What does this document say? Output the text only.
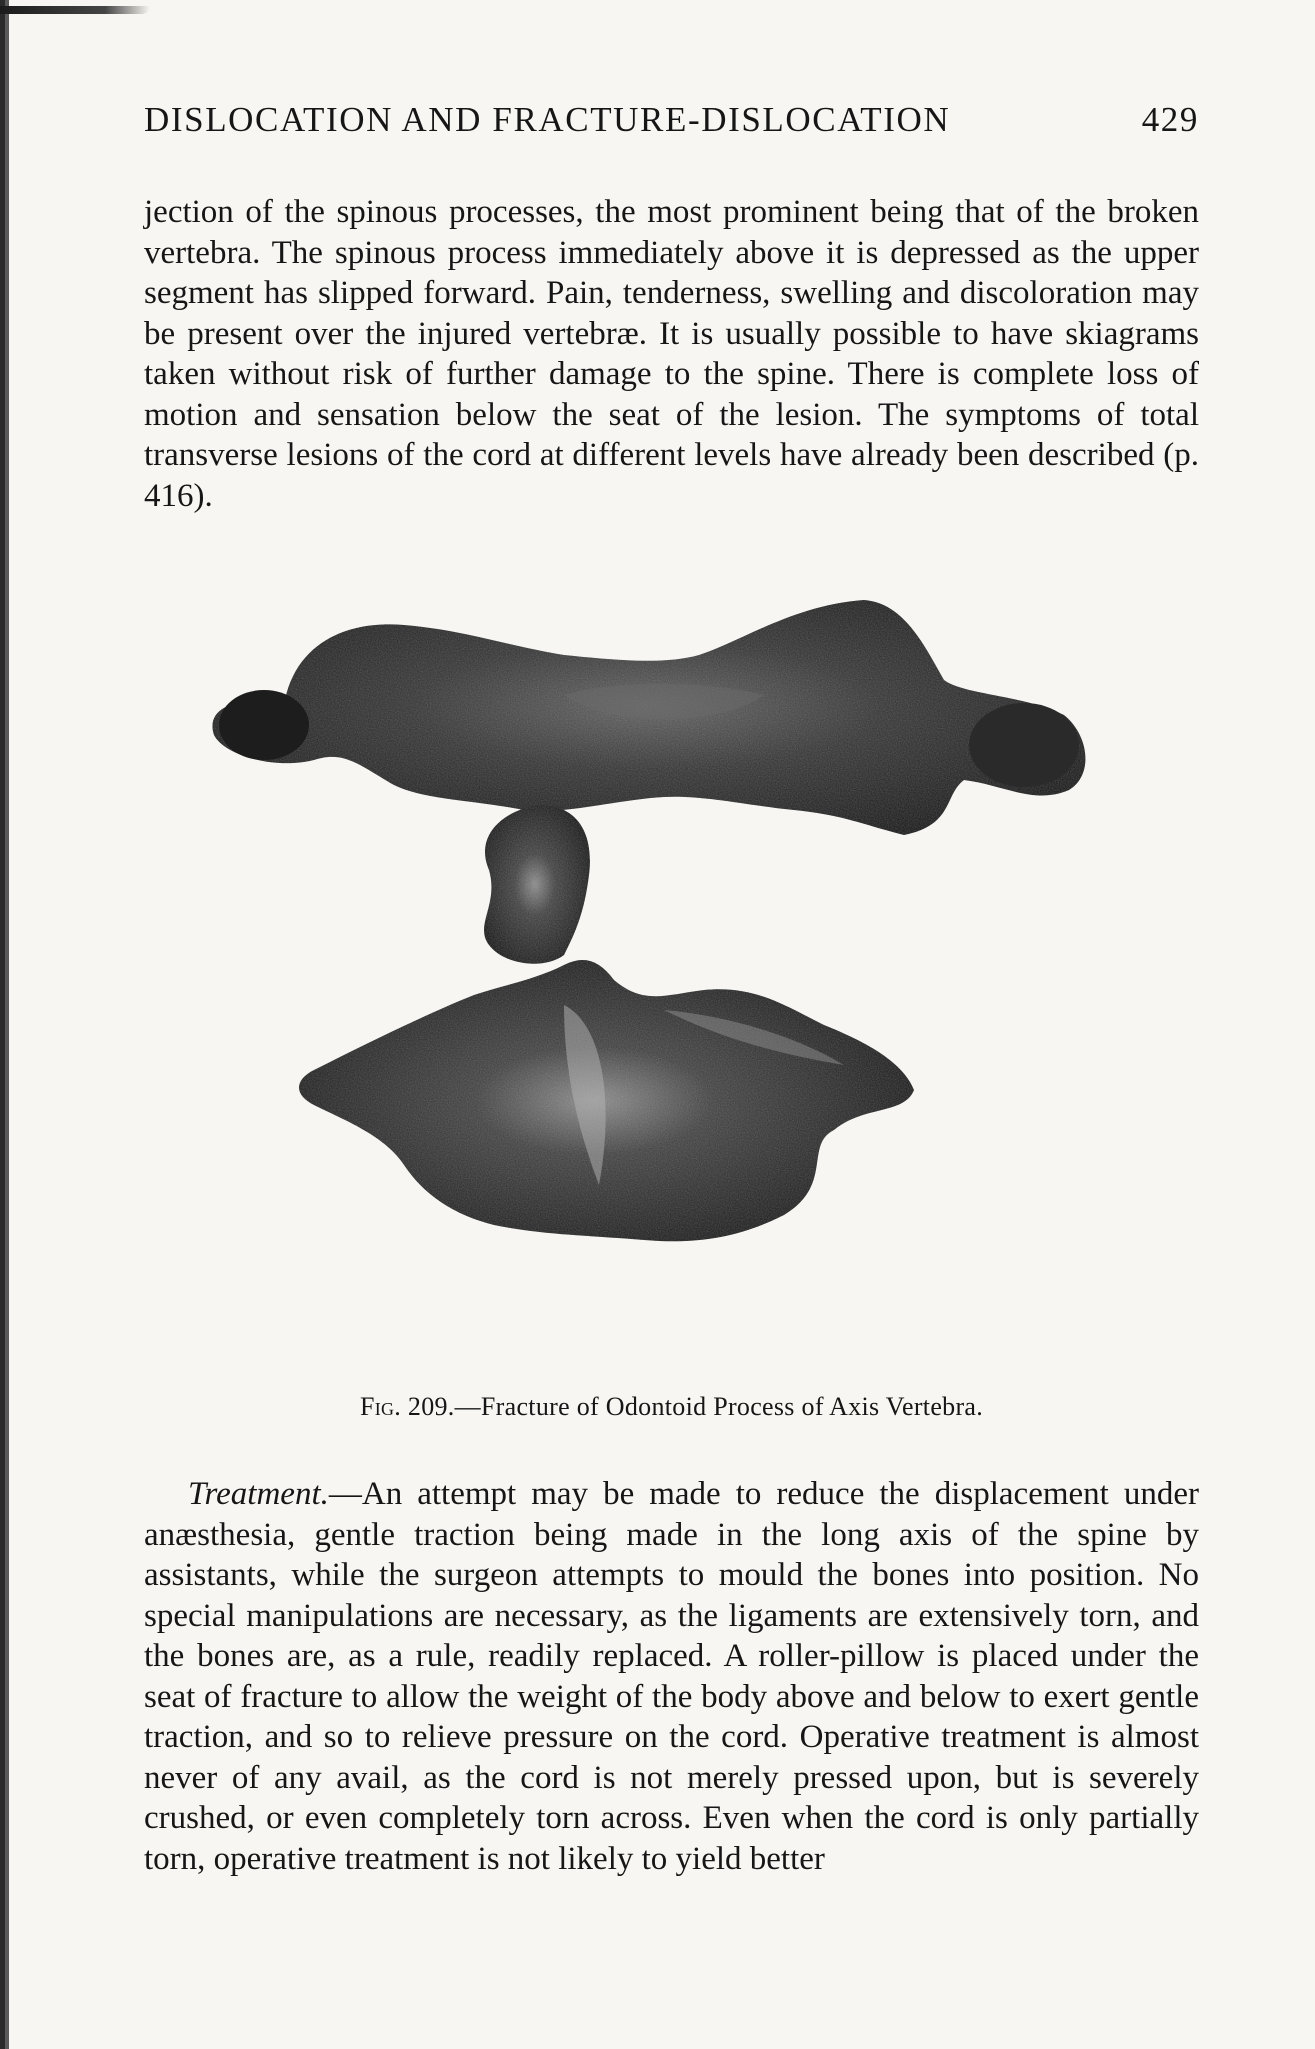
DISLOCATION AND FRACTURE-DISLOCATION	429

jection of the spinous processes, the most prominent being that of the broken vertebra. The spinous process immediately above it is depressed as the upper segment has slipped forward. Pain, tenderness, swelling and discoloration may be present over the injured vertebræ. It is usually possible to have skiagrams taken without risk of further damage to the spine. There is complete loss of motion and sensation below the seat of the lesion. The symptoms of total transverse lesions of the cord at different levels have already been described (p. 416).

Fig. 209.—Fracture of Odontoid Process of Axis Vertebra.

Treatment.—An attempt may be made to reduce the displacement under anæsthesia, gentle traction being made in the long axis of the spine by assistants, while the surgeon attempts to mould the bones into position. No special manipulations are necessary, as the ligaments are extensively torn, and the bones are, as a rule, readily replaced. A roller-pillow is placed under the seat of fracture to allow the weight of the body above and below to exert gentle traction, and so to relieve pressure on the cord. Operative treatment is almost never of any avail, as the cord is not merely pressed upon, but is severely crushed, or even completely torn across. Even when the cord is only partially torn, operative treatment is not likely to yield better
